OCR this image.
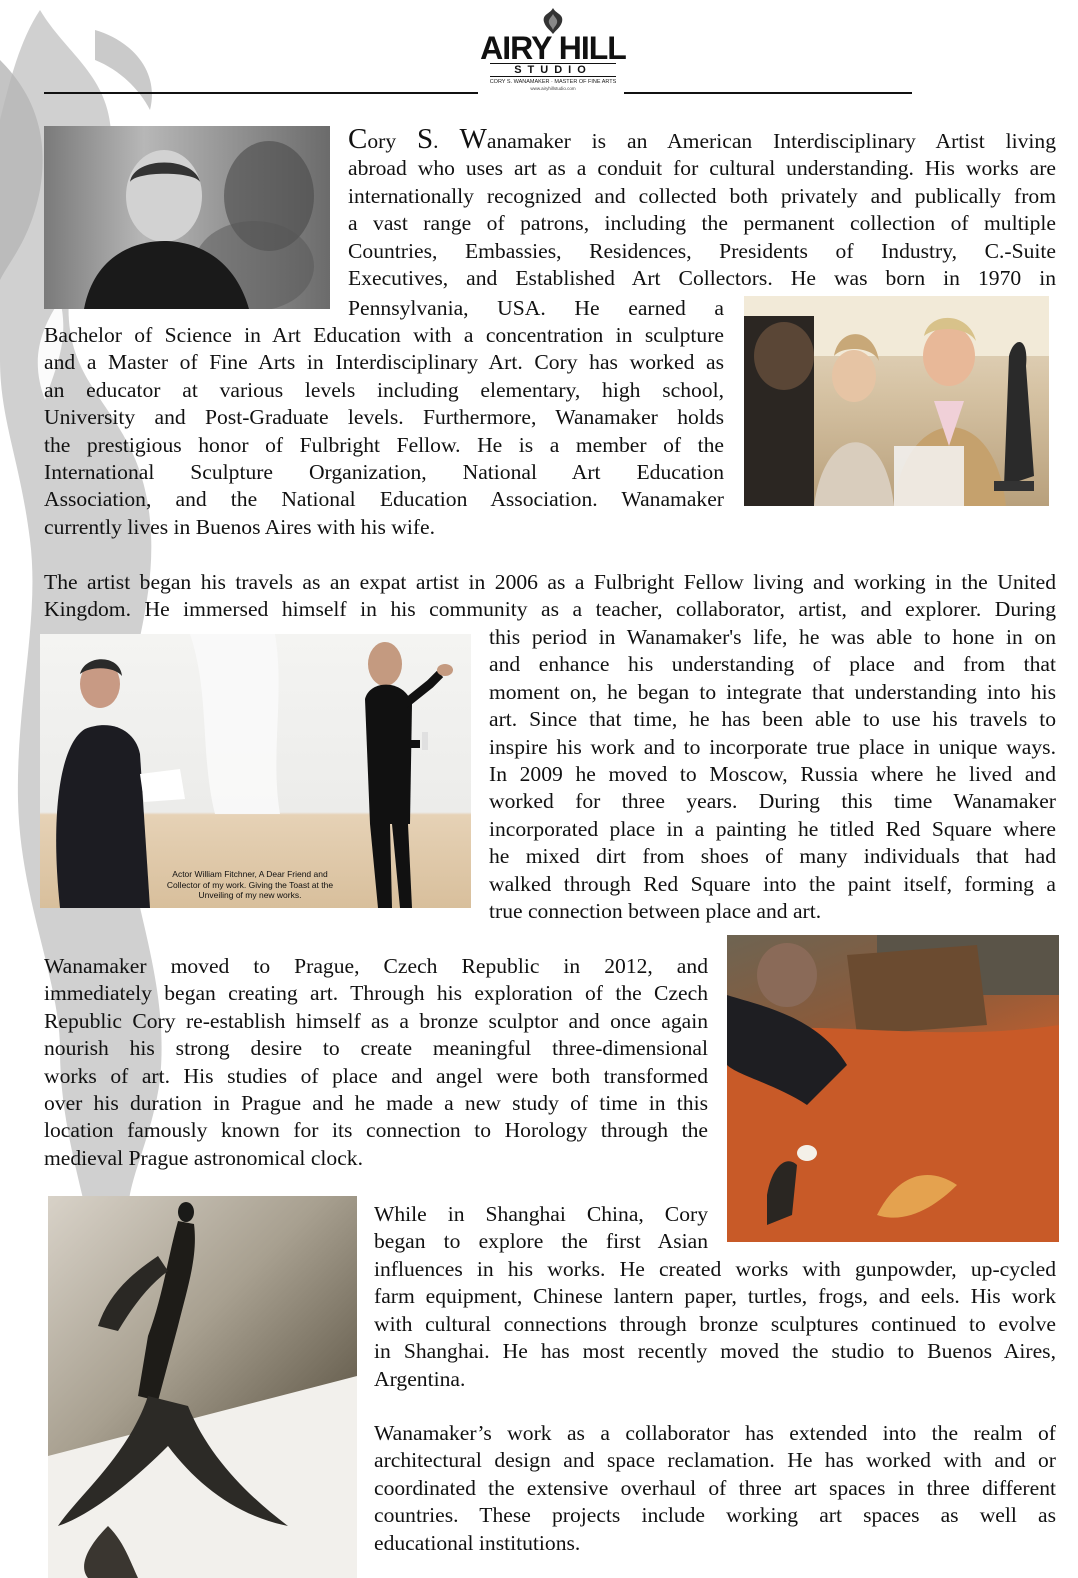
AIRY HILL
STUDIO
CORY S. WANAMAKER · MASTER OF FINE ARTS
www.airyhillstudio.com
Cory S. Wanamaker is an American Interdisciplinary Artist living
abroad who uses art as a conduit for cultural understanding. His works are
internationally recognized and collected both privately and publically from
a vast range of patrons, including the permanent collection of multiple
Countries, Embassies, Residences, Presidents of Industry, C.-Suite
Executives, and Established Art Collectors. He was born in 1970 in
Pennsylvania, USA. He earned a
Bachelor of Science in Art Education with a concentration in sculpture
and a Master of Fine Arts in Interdisciplinary Art. Cory has worked as
an educator at various levels including elementary, high school,
University and Post-Graduate levels. Furthermore, Wanamaker holds
the prestigious honor of Fulbright Fellow. He is a member of the
International Sculpture Organization, National Art Education
Association, and the National Education Association. Wanamaker
currently lives in Buenos Aires with his wife.
The artist began his travels as an expat artist in 2006 as a Fulbright Fellow living and working in the United
Kingdom. He immersed himself in his community as a teacher, collaborator, artist, and explorer. During
this period in Wanamaker's life, he was able to hone in on
and enhance his understanding of place and from that
moment on, he began to integrate that understanding into his
art. Since that time, he has been able to use his travels to
inspire his work and to incorporate true place in unique ways.
In 2009 he moved to Moscow, Russia where he lived and
worked for three years. During this time Wanamaker
incorporated place in a painting he titled Red Square where
he mixed dirt from shoes of many individuals that had
walked through Red Square into the paint itself, forming a
true connection between place and art.
Actor William Fitchner, A Dear Friend and
Collector of my work. Giving the Toast at the
Unveiling of my new works.
Wanamaker moved to Prague, Czech Republic in 2012, and
immediately began creating art. Through his exploration of the Czech
Republic Cory re-establish himself as a bronze sculptor and once again
nourish his strong desire to create meaningful three-dimensional
works of art. His studies of place and angel were both transformed
over his duration in Prague and he made a new study of time in this
location famously known for its connection to Horology through the
medieval Prague astronomical clock.
While in Shanghai China, Cory
began to explore the first Asian
influences in his works. He created works with gunpowder, up-cycled
farm equipment, Chinese lantern paper, turtles, frogs, and eels. His work
with cultural connections through bronze sculptures continued to evolve
in Shanghai. He has most recently moved the studio to Buenos Aires,
Argentina.
Wanamaker’s work as a collaborator has extended into the realm of
architectural design and space reclamation. He has worked with and or
coordinated the extensive overhaul of three art spaces in three different
countries. These projects include working art spaces as well as
educational institutions.
